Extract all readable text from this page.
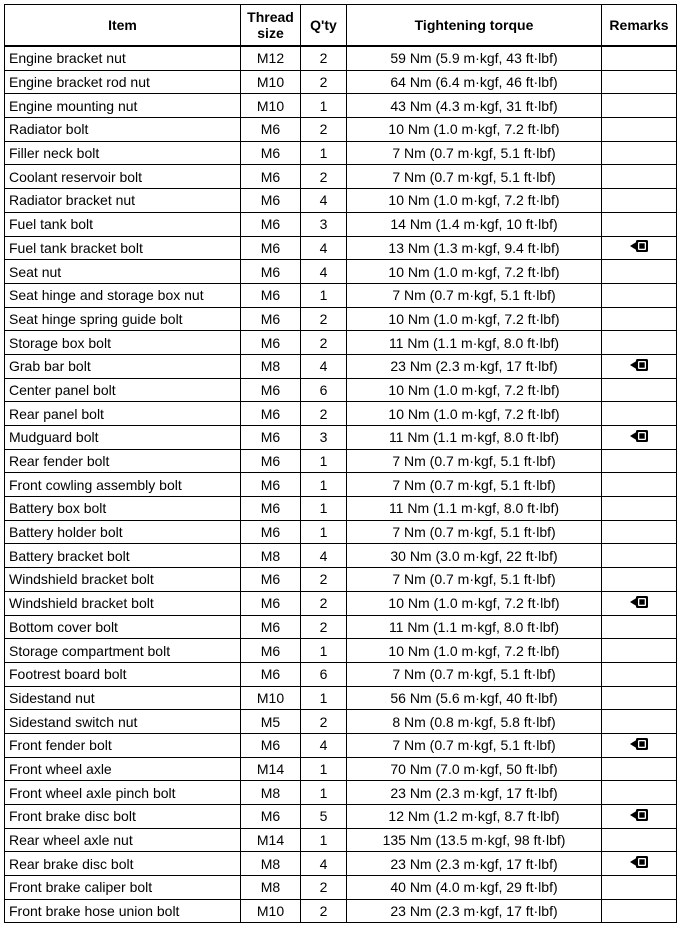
Item	Thread size	Q'ty	Tightening torque	Remarks
Engine bracket nut	M12	2	59 Nm (5.9 m·kgf, 43 ft·lbf)	
Engine bracket rod nut	M10	2	64 Nm (6.4 m·kgf, 46 ft·lbf)	
Engine mounting nut	M10	1	43 Nm (4.3 m·kgf, 31 ft·lbf)	
Radiator bolt	M6	2	10 Nm (1.0 m·kgf, 7.2 ft·lbf)	
Filler neck bolt	M6	1	7 Nm (0.7 m·kgf, 5.1 ft·lbf)	
Coolant reservoir bolt	M6	2	7 Nm (0.7 m·kgf, 5.1 ft·lbf)	
Radiator bracket nut	M6	4	10 Nm (1.0 m·kgf, 7.2 ft·lbf)	
Fuel tank bolt	M6	3	14 Nm (1.4 m·kgf, 10 ft·lbf)	
Fuel tank bracket bolt	M6	4	13 Nm (1.3 m·kgf, 9.4 ft·lbf)	
Seat nut	M6	4	10 Nm (1.0 m·kgf, 7.2 ft·lbf)	
Seat hinge and storage box nut	M6	1	7 Nm (0.7 m·kgf, 5.1 ft·lbf)	
Seat hinge spring guide bolt	M6	2	10 Nm (1.0 m·kgf, 7.2 ft·lbf)	
Storage box bolt	M6	2	11 Nm (1.1 m·kgf, 8.0 ft·lbf)	
Grab bar bolt	M8	4	23 Nm (2.3 m·kgf, 17 ft·lbf)	
Center panel bolt	M6	6	10 Nm (1.0 m·kgf, 7.2 ft·lbf)	
Rear panel bolt	M6	2	10 Nm (1.0 m·kgf, 7.2 ft·lbf)	
Mudguard bolt	M6	3	11 Nm (1.1 m·kgf, 8.0 ft·lbf)	
Rear fender bolt	M6	1	7 Nm (0.7 m·kgf, 5.1 ft·lbf)	
Front cowling assembly bolt	M6	1	7 Nm (0.7 m·kgf, 5.1 ft·lbf)	
Battery box bolt	M6	1	11 Nm (1.1 m·kgf, 8.0 ft·lbf)	
Battery holder bolt	M6	1	7 Nm (0.7 m·kgf, 5.1 ft·lbf)	
Battery bracket bolt	M8	4	30 Nm (3.0 m·kgf, 22 ft·lbf)	
Windshield bracket bolt	M6	2	7 Nm (0.7 m·kgf, 5.1 ft·lbf)	
Windshield bracket bolt	M6	2	10 Nm (1.0 m·kgf, 7.2 ft·lbf)	
Bottom cover bolt	M6	2	11 Nm (1.1 m·kgf, 8.0 ft·lbf)	
Storage compartment bolt	M6	1	10 Nm (1.0 m·kgf, 7.2 ft·lbf)	
Footrest board bolt	M6	6	7 Nm (0.7 m·kgf, 5.1 ft·lbf)	
Sidestand nut	M10	1	56 Nm (5.6 m·kgf, 40 ft·lbf)	
Sidestand switch nut	M5	2	8 Nm (0.8 m·kgf, 5.8 ft·lbf)	
Front fender bolt	M6	4	7 Nm (0.7 m·kgf, 5.1 ft·lbf)	
Front wheel axle	M14	1	70 Nm (7.0 m·kgf, 50 ft·lbf)	
Front wheel axle pinch bolt	M8	1	23 Nm (2.3 m·kgf, 17 ft·lbf)	
Front brake disc bolt	M6	5	12 Nm (1.2 m·kgf, 8.7 ft·lbf)	
Rear wheel axle nut	M14	1	135 Nm (13.5 m·kgf, 98 ft·lbf)	
Rear brake disc bolt	M8	4	23 Nm (2.3 m·kgf, 17 ft·lbf)	
Front brake caliper bolt	M8	2	40 Nm (4.0 m·kgf, 29 ft·lbf)	
Front brake hose union bolt	M10	2	23 Nm (2.3 m·kgf, 17 ft·lbf)	
